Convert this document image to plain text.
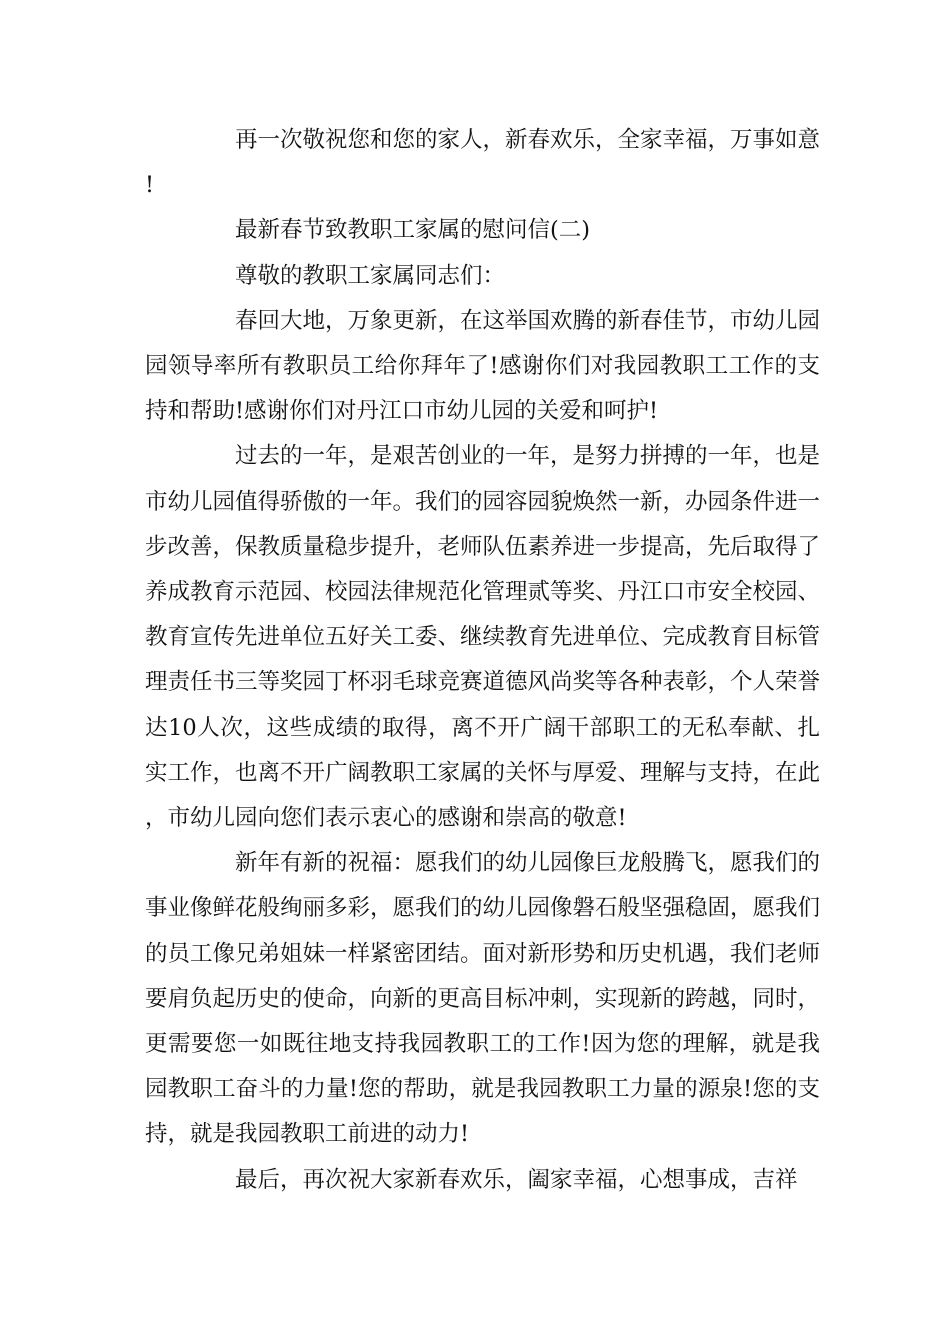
再一次敬祝您和您的家人，新春欢乐，全家幸福，万事如意!

最新春节致教职工家属的慰问信(二)

尊敬的教职工家属同志们：

春回大地，万象更新，在这举国欢腾的新春佳节，市幼儿园园领导率所有教职员工给你拜年了!感谢你们对我园教职工工作的支持和帮助!感谢你们对丹江口市幼儿园的关爱和呵护!

过去的一年，是艰苦创业的一年，是努力拼搏的一年，也是市幼儿园值得骄傲的一年。我们的园容园貌焕然一新，办园条件进一步改善，保教质量稳步提升，老师队伍素养进一步提高，先后取得了养成教育示范园、校园法律规范化管理贰等奖、丹江口市安全校园、教育宣传先进单位五好关工委、继续教育先进单位、完成教育目标管理责任书三等奖园丁杯羽毛球竞赛道德风尚奖等各种表彰，个人荣誉达10人次，这些成绩的取得，离不开广阔干部职工的无私奉献、扎实工作，也离不开广阔教职工家属的关怀与厚爱、理解与支持，在此，市幼儿园向您们表示衷心的感谢和崇高的敬意!

新年有新的祝福：愿我们的幼儿园像巨龙般腾飞，愿我们的事业像鲜花般绚丽多彩，愿我们的幼儿园像磐石般坚强稳固，愿我们的员工像兄弟姐妹一样紧密团结。面对新形势和历史机遇，我们老师要肩负起历史的使命，向新的更高目标冲刺，实现新的跨越，同时，更需要您一如既往地支持我园教职工的工作!因为您的理解，就是我园教职工奋斗的力量!您的帮助，就是我园教职工力量的源泉!您的支持，就是我园教职工前进的动力!

最后，再次祝大家新春欢乐，阖家幸福，心想事成，吉祥
